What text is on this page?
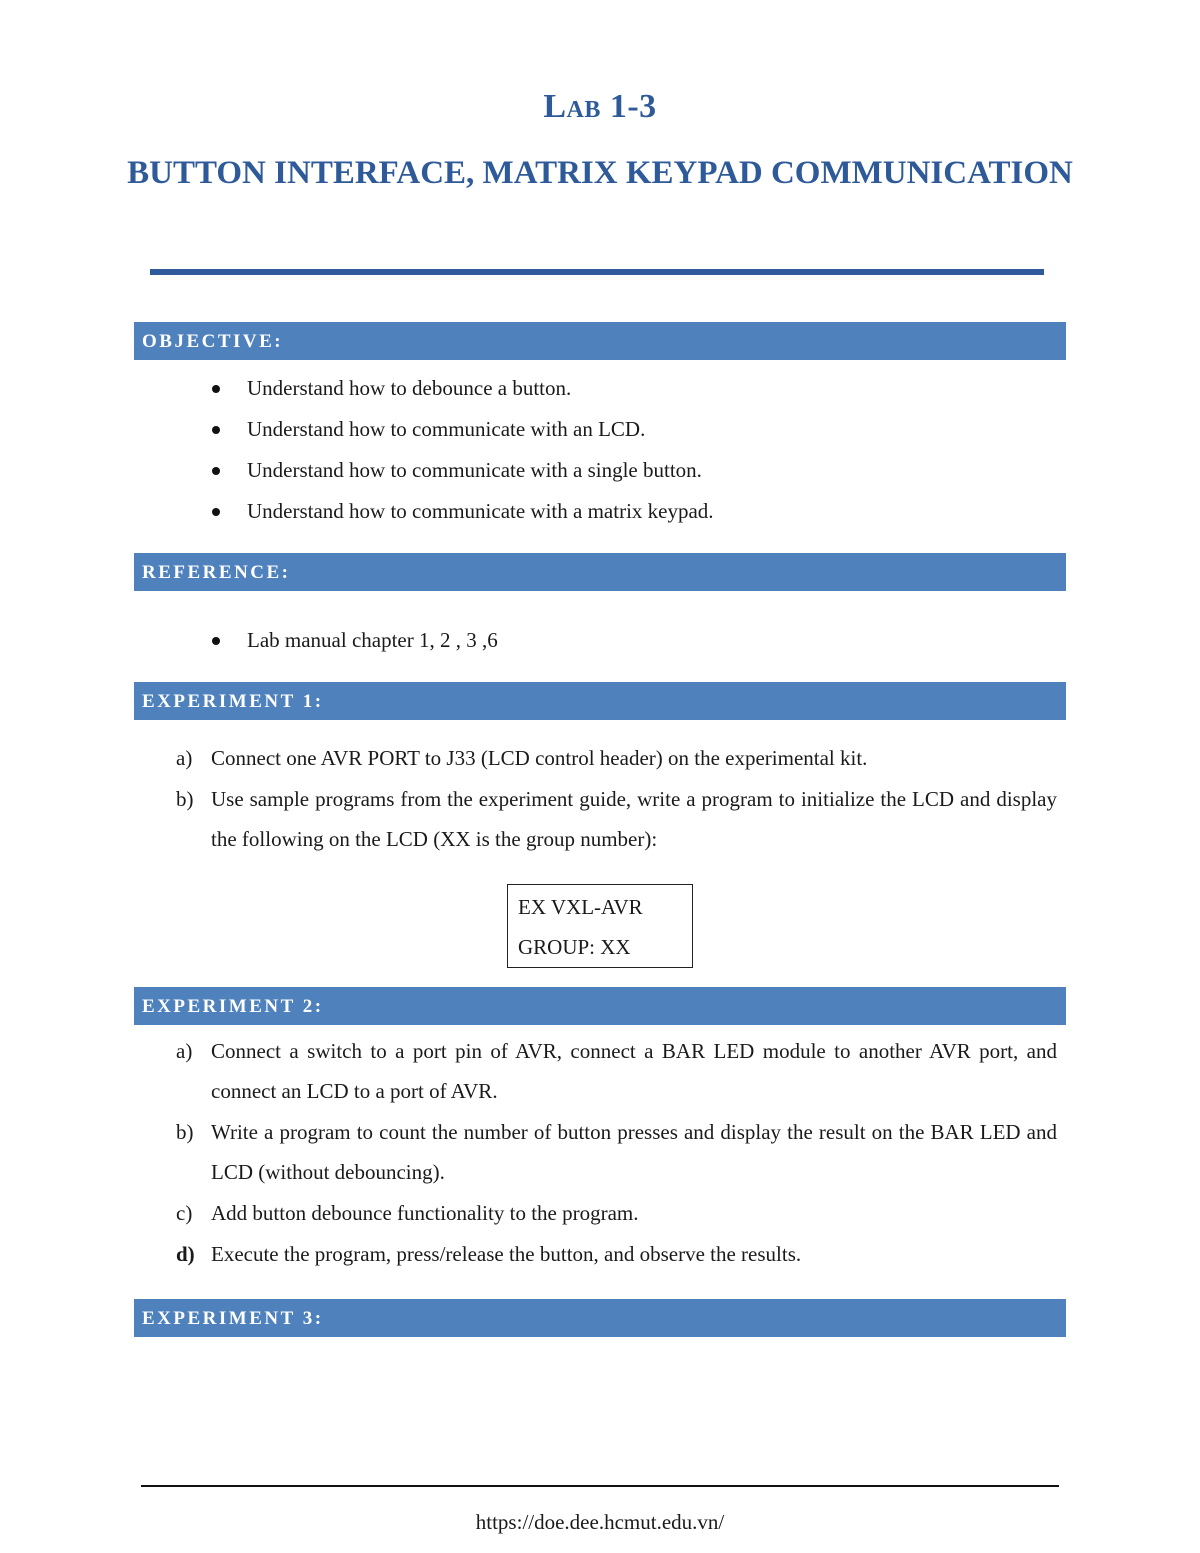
Lab 1-3
BUTTON INTERFACE, MATRIX KEYPAD COMMUNICATION
OBJECTIVE:
Understand how to debounce a button.
Understand how to communicate with an LCD.
Understand how to communicate with a single button.
Understand how to communicate with a matrix keypad.
REFERENCE:
Lab manual chapter 1, 2 , 3 ,6
EXPERIMENT 1:
a) Connect one AVR PORT to J33 (LCD control header) on the experimental kit.
b) Use sample programs from the experiment guide, write a program to initialize the LCD and display the following on the LCD (XX is the group number):
EX VXL-AVR
GROUP: XX
EXPERIMENT 2:
a) Connect a switch to a port pin of AVR, connect a BAR LED module to another AVR port, and connect an LCD to a port of AVR.
b) Write a program to count the number of button presses and display the result on the BAR LED and LCD (without debouncing).
c) Add button debounce functionality to the program.
d) Execute the program, press/release the button, and observe the results.
EXPERIMENT 3:
https://doe.dee.hcmut.edu.vn/
